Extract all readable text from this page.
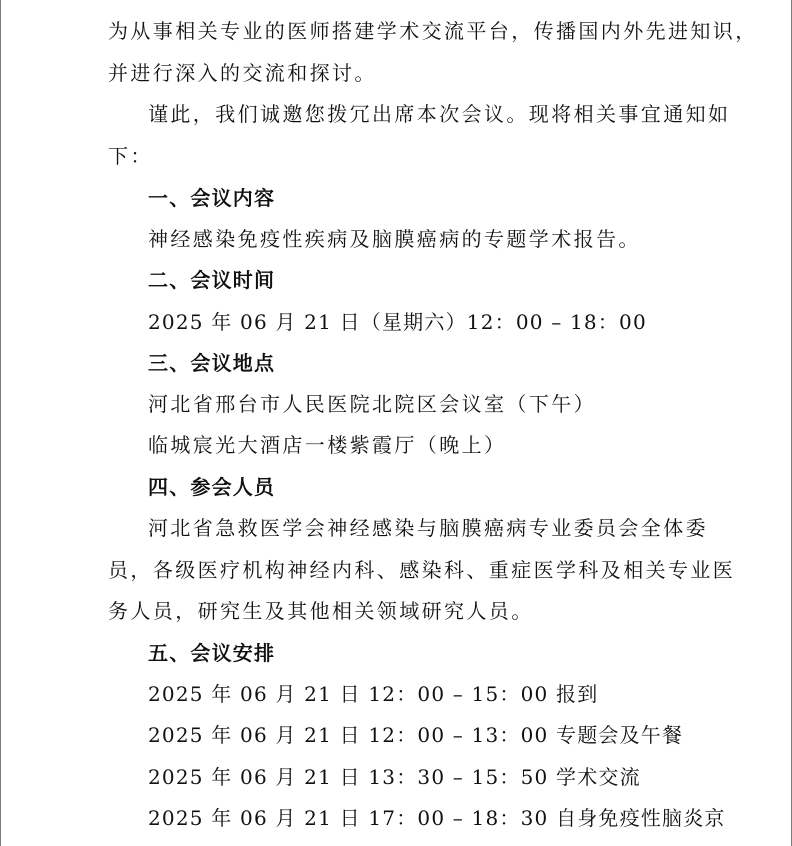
为从事相关专业的医师搭建学术交流平台，传播国内外先进知识，
并进行深入的交流和探讨。
谨此，我们诚邀您拨冗出席本次会议。现将相关事宜通知如
下：
一、会议内容
神经感染免疫性疾病及脑膜癌病的专题学术报告。
二、会议时间
2025 年 06 月 21 日（星期六）12：00 – 18：00
三、会议地点
河北省邢台市人民医院北院区会议室（下午）
临城宸光大酒店一楼紫霞厅（晚上）
四、参会人员
河北省急救医学会神经感染与脑膜癌病专业委员会全体委
员，各级医疗机构神经内科、感染科、重症医学科及相关专业医
务人员，研究生及其他相关领域研究人员。
五、会议安排
2025 年 06 月 21 日 12：00 – 15：00 报到
2025 年 06 月 21 日 12：00 – 13：00 专题会及午餐
2025 年 06 月 21 日 13：30 – 15：50 学术交流
2025 年 06 月 21 日 17：00 – 18：30 自身免疫性脑炎京
